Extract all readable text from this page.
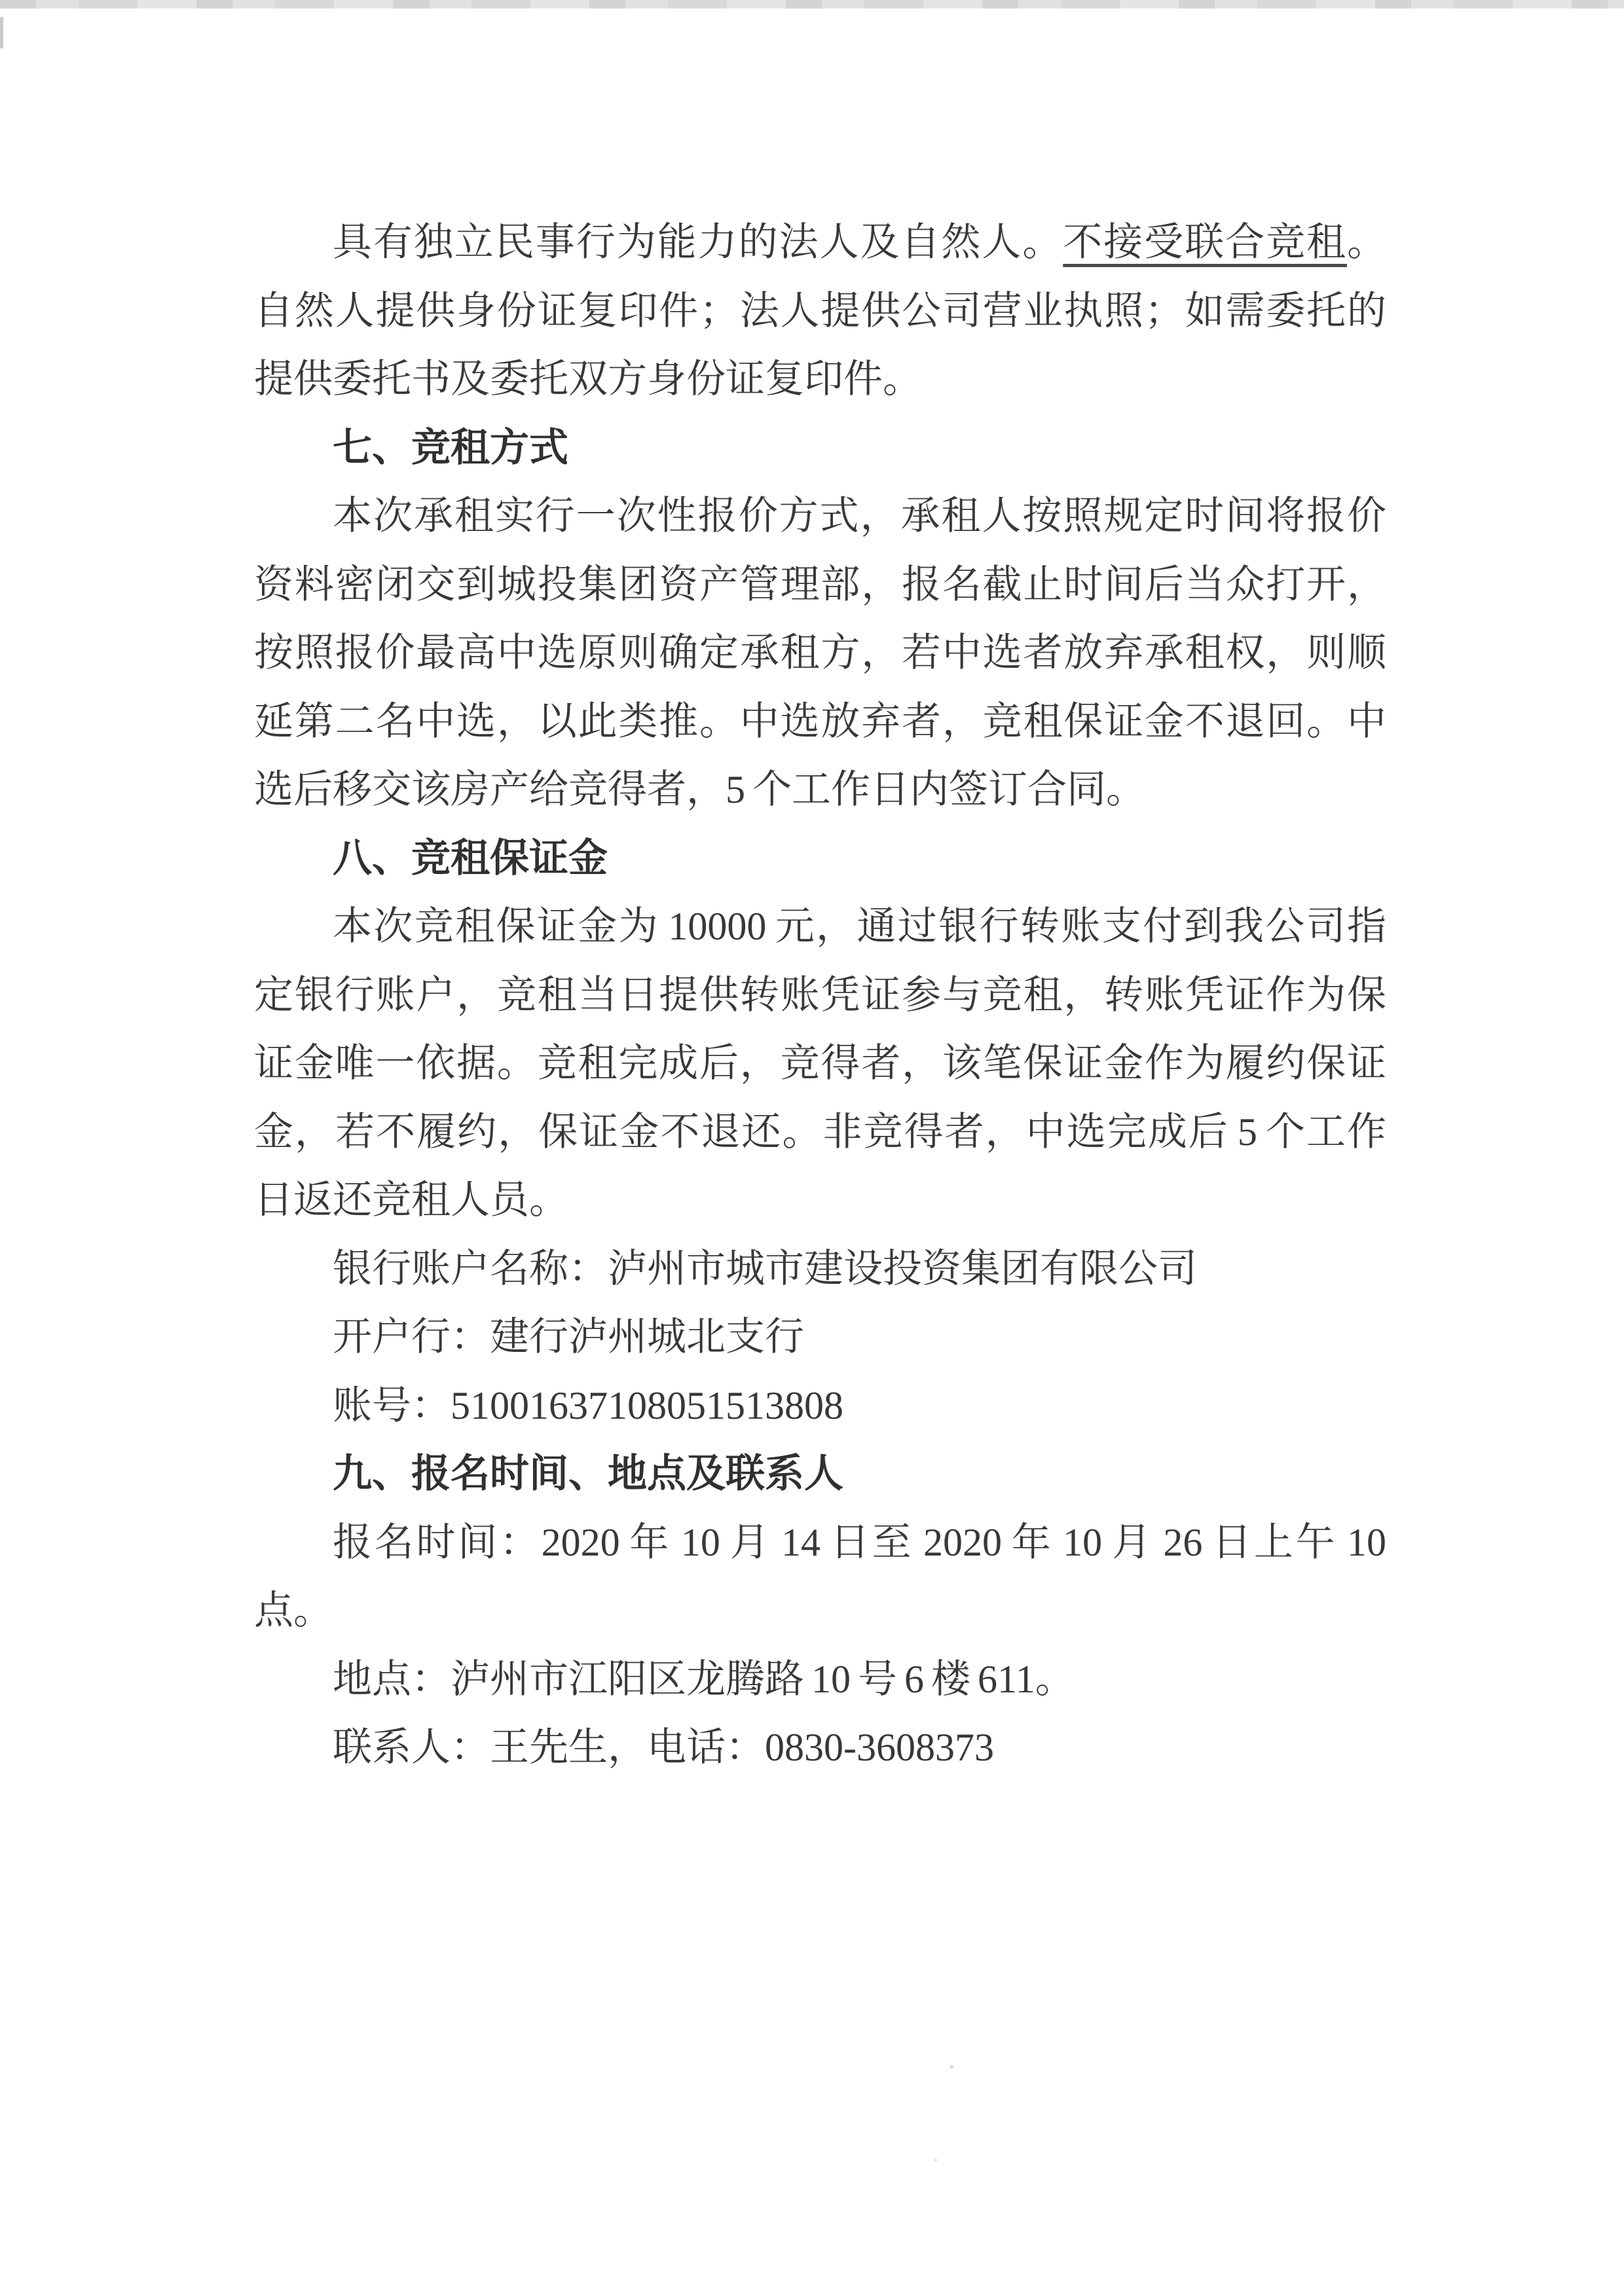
具有独立民事行为能力的法人及自然人。不接受联合竞租。

自然人提供身份证复印件；法人提供公司营业执照；如需委托的

提供委托书及委托双方身份证复印件。

七、竞租方式

本次承租实行一次性报价方式，承租人按照规定时间将报价

资料密闭交到城投集团资产管理部，报名截止时间后当众打开，

按照报价最高中选原则确定承租方，若中选者放弃承租权，则顺

延第二名中选，以此类推。中选放弃者，竞租保证金不退回。中

选后移交该房产给竞得者，5 个工作日内签订合同。

八、竞租保证金

本次竞租保证金为 10000 元，通过银行转账支付到我公司指

定银行账户，竞租当日提供转账凭证参与竞租，转账凭证作为保

证金唯一依据。竞租完成后，竞得者，该笔保证金作为履约保证

金，若不履约，保证金不退还。非竞得者，中选完成后 5 个工作

日返还竞租人员。

银行账户名称：泸州市城市建设投资集团有限公司

开户行：建行泸州城北支行

账号：51001637108051513808

九、报名时间、地点及联系人

报名时间：2020 年 10 月 14 日至 2020 年 10 月 26 日上午 10

点。

地点：泸州市江阳区龙腾路 10 号 6 楼 611。

联系人：王先生，电话：0830-3608373
